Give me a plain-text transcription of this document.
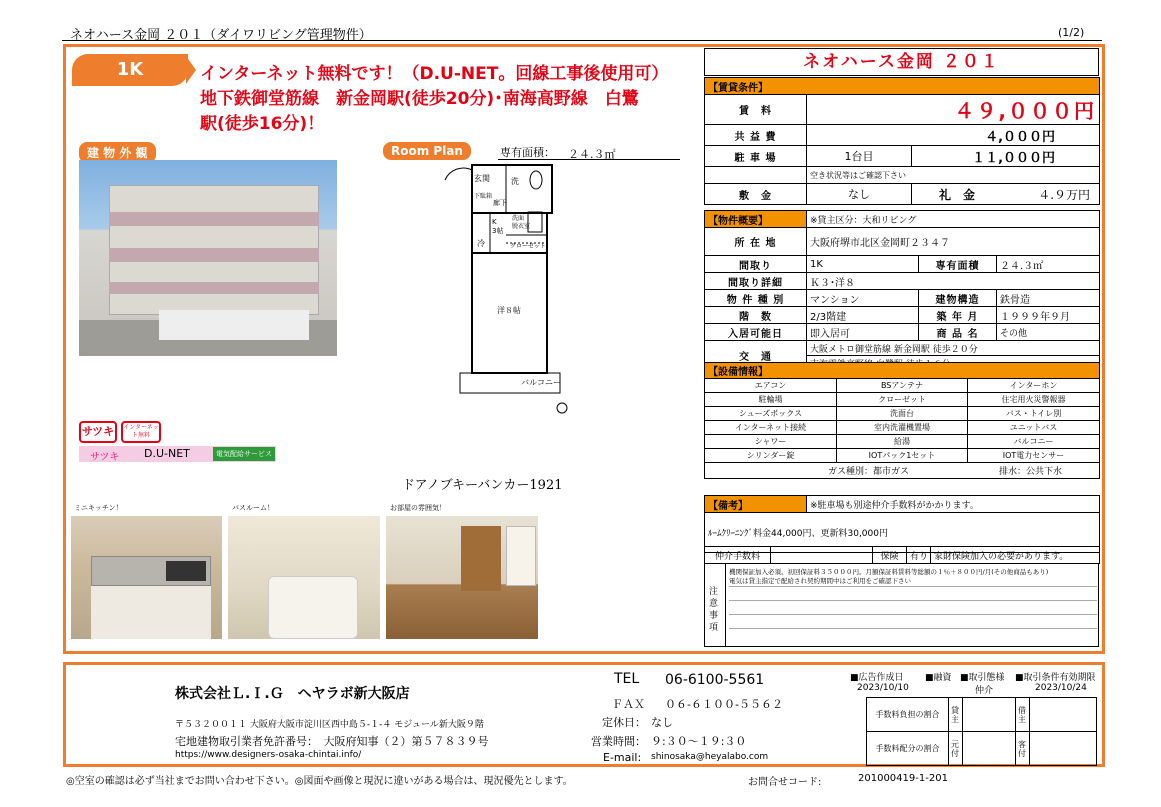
ネオハース金岡 ２０１（ダイワリビング管理物件）	(1/2)
1K	インターネット無料です！（D.U-NET。回線工事後使用可）
地下鉄御堂筋線　新金岡駅(徒歩20分)･南海高野線　白鷺
駅(徒歩16分)！
建 物 外 観	Room Plan	専有面積： ２４.３㎡
玄関	洗
下駄箱
廊下
K
3帖
冷
洗面
脱衣室
クローゼット
洋８帖
バルコニー
サツキ	インターネット無料
サツキ D.U-NET	電気配給サービス
ドアノブキーバンカー1921
ミニキッチン！	バスルーム！	お部屋の雰囲気！
ネオハース金岡 ２０１
【賃貸条件】		
賃　料	４９,０００円	
共 益 費	４,０００円	
駐 車 場	1台目	１１,０００円
	空き状況等はご確認下さい	
敷　金	なし	礼　金 ４.９万円
【物件概要】	※貸主区分：大和リビング		
所 在 地	大阪府堺市北区金岡町２３４７		
間取り	1K	専有面積	２４.３㎡
間取り詳細	Ｋ３･洋８		
物 件 種 別	マンション	建物構造	鉄骨造
階　数	2/3階建	築 年 月	１９９９年９月
入居可能日	即入居可	商 品 名	その他
交　通	大阪メトロ御堂筋線 新金岡駅 徒歩２０分		

【設備情報】		
エアコン	BSアンテナ	インターホン
駐輪場	クローゼット	住宅用火災警報器
シューズボックス	洗面台	バス・トイレ別
インターネット接続	室内洗濯機置場	ユニットバス
シャワー	給湯	バルコニー
シリンダー錠	IOTパック1セット	IOT電力センサー
ガス種別：都市ガス 排水：公共下水		
【備考】	※駐車場も別途仲介手数料がかかります。
ﾙｰﾑｸﾘｰﾆﾝｸﾞ料金44,000円、更新料30,000円
仲介手数料		保険	有り	家財保険加入の必要があります。
注意事項
機関保証加入必須。初回保証料３５０００円。月額保証料賃料等総額の１％＋８００円/月(その他商品もあり)
電気は貸主指定で配給され契約期間中はご利用をご確認下さい
株式会社Ｌ.Ｉ.Ｇ　ヘヤラボ新大阪店
〒５３２００１１ 大阪府大阪市淀川区西中島５-１-４ モジュール新大阪９階
宅地建物取引業者免許番号：　大阪府知事（２）第５７８３９号
https://www.designers-osaka-chintai.info/
TEL 06-6100-5561
ＦＡＸ ０６-６１００-５５６２
定休日： なし
営業時間： ９:３０～１９:３０
E-mail: shinosaka@heyalabo.com
■広告作成日
2023/10/10
■融資 ■取引態様
仲介
■取引条件有効期限
2023/10/24
手数料負担の割合	貸主		借主	
手数料配分の割合	元付		客付	
◎空室の確認は必ず当社までお問い合わせ下さい。◎図面や画像と現況に違いがある場合は、現況優先とします。	お問合せコード:	201000419-1-201
